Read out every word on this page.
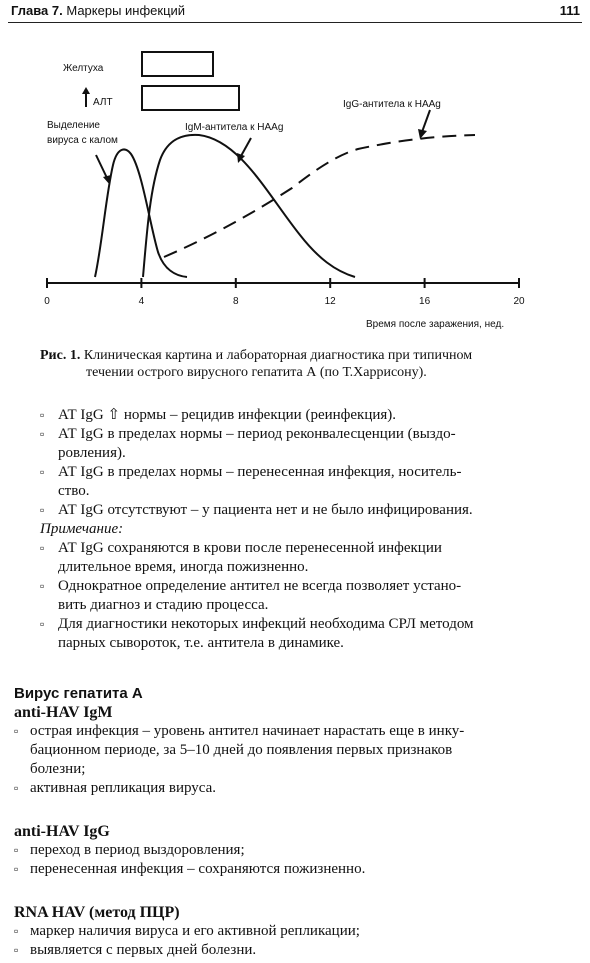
Глава 7. Маркеры инфекций	111
Желтуха
АЛТ
Выделение
вируса с калом
IgM-антитела к HAAg
IgG-антитела к HAAg
0	4	8	12	16	20
Время после заражения, нед.
Рис. 1. Клиническая картина и лабораторная диагностика при типичном
течении острого вирусного гепатита А (по Т.Харрисону).
▫ АТ IgG ⇧ нормы – рецидив инфекции (реинфекция).
▫ АТ IgG в пределах нормы – период реконвалесценции (выздо-
ровления).
▫ АТ IgG в пределах нормы – перенесенная инфекция, носитель-
ство.
▫ АТ IgG отсутствуют – у пациента нет и не было инфицирования.
Примечание:
▫ АТ IgG сохраняются в крови после перенесенной инфекции
длительное время, иногда пожизненно.
▫ Однократное определение антител не всегда позволяет устано-
вить диагноз и стадию процесса.
▫ Для диагностики некоторых инфекций необходима СРЛ методом
парных сывороток, т.е. антитела в динамике.
Вирус гепатита А
anti-HAV IgM
▫ острая инфекция – уровень антител начинает нарастать еще в инку-
бационном периоде, за 5–10 дней до появления первых признаков
болезни;
▫ активная репликация вируса.
anti-HAV IgG
▫ переход в период выздоровления;
▫ перенесенная инфекция – сохраняются пожизненно.
RNA HAV (метод ПЦР)
▫ маркер наличия вируса и его активной репликации;
▫ выявляется с первых дней болезни.
